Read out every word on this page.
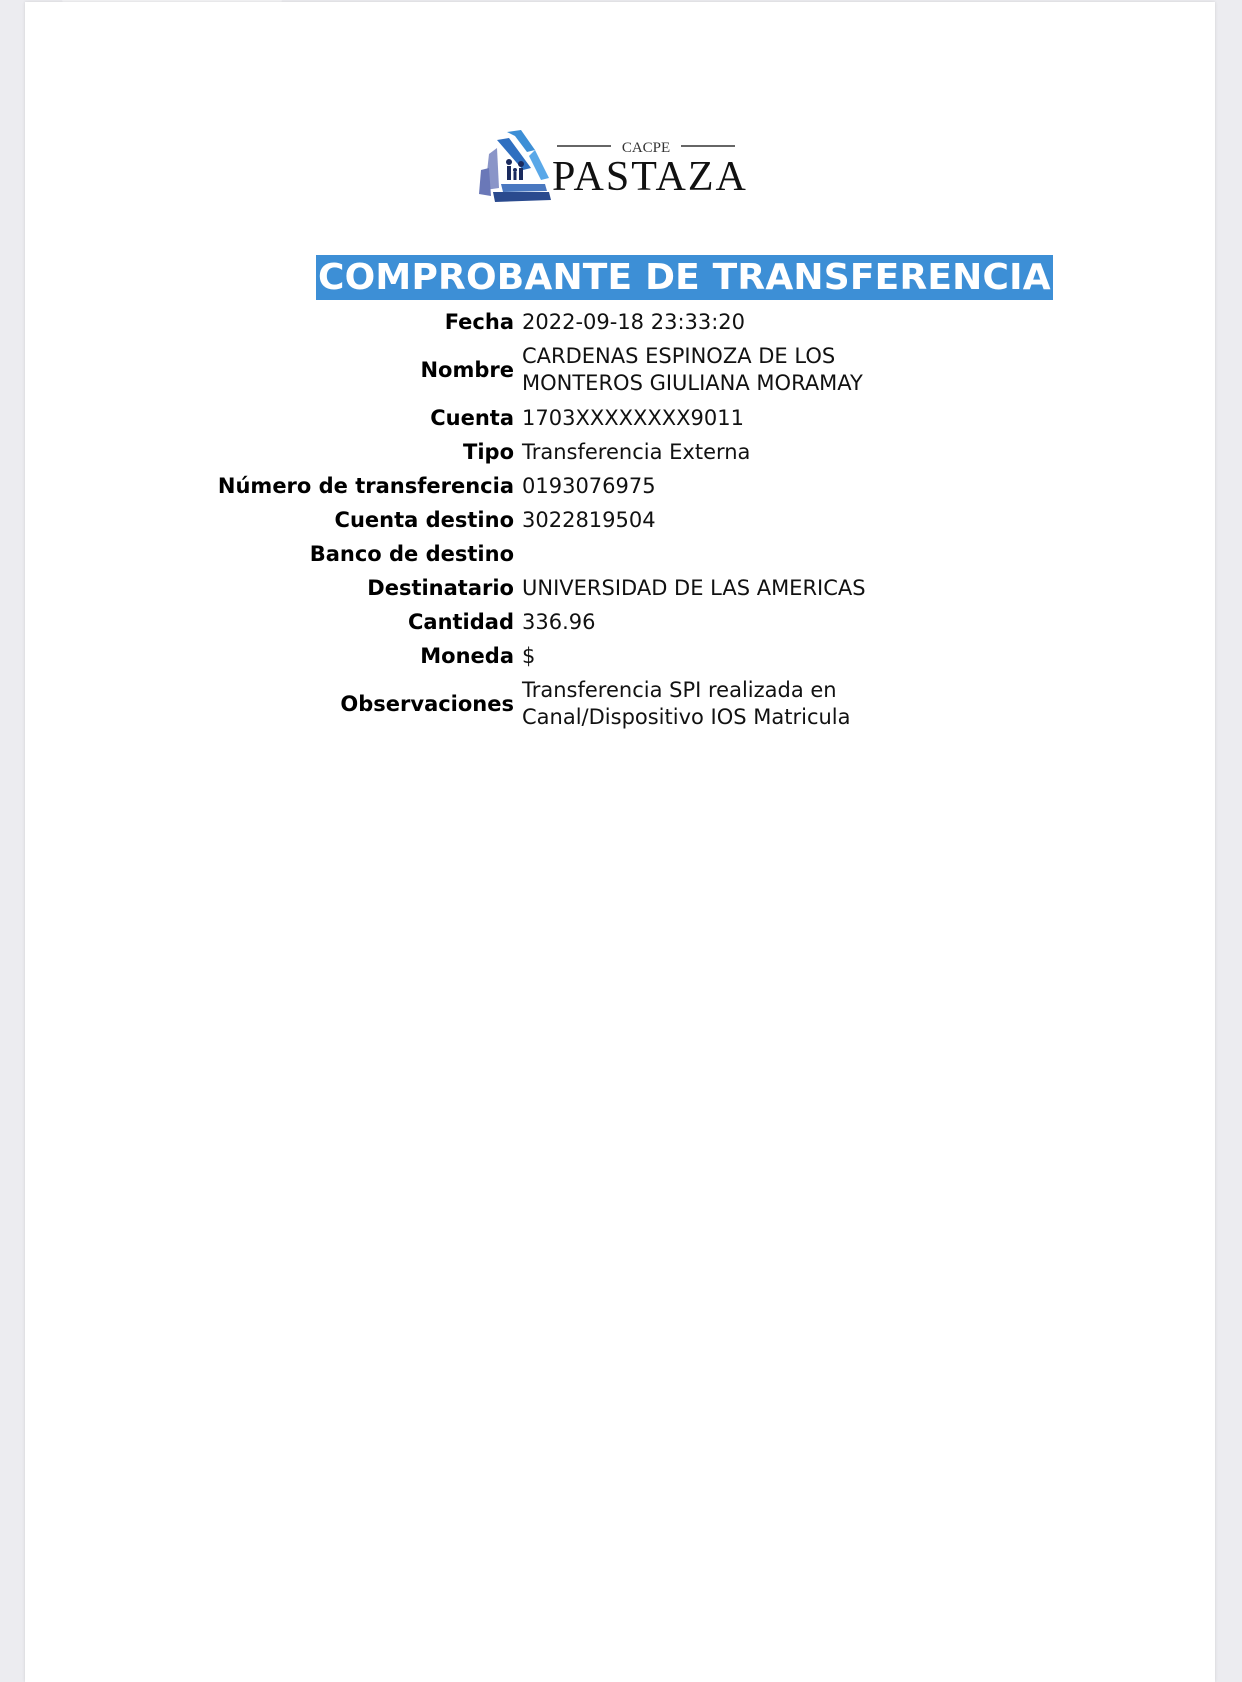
CACPE
PASTAZA
COMPROBANTE DE TRANSFERENCIA
Fecha 2022-09-18 23:33:20
Nombre
CARDENAS ESPINOZA DE LOS MONTEROS GIULIANA MORAMAY
Cuenta 1703XXXXXXXX9011
Tipo Transferencia Externa
Número de transferencia 0193076975
Cuenta destino 3022819504
Banco de destino
Destinatario UNIVERSIDAD DE LAS AMERICAS
Cantidad 336.96
Moneda $
Observaciones
Transferencia SPI realizada en Canal/Dispositivo IOS Matricula
